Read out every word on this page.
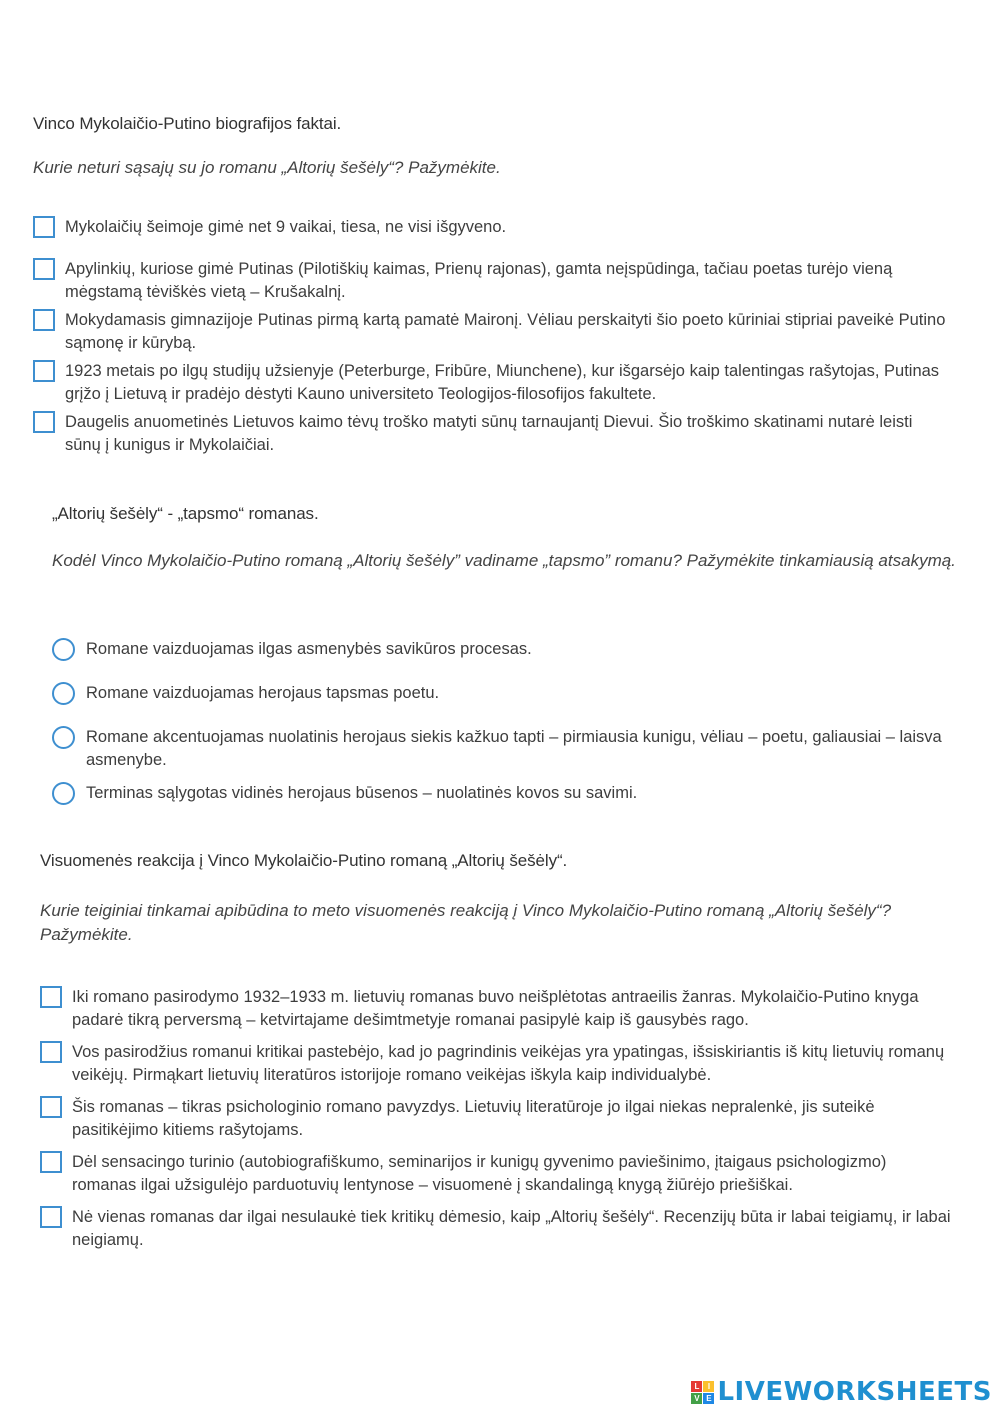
Vinco Mykolaičio-Putino biografijos faktai.
Kurie neturi sąsajų su jo romanu „Altorių šešėly“? Pažymėkite.
Mykolaičių šeimoje gimė net 9 vaikai, tiesa, ne visi išgyveno.
Apylinkių, kuriose gimė Putinas (Pilotiškių kaimas, Prienų rajonas), gamta neįspūdinga, tačiau poetas turėjo vieną mėgstamą tėviškės vietą – Krušakalnį.
Mokydamasis gimnazijoje Putinas pirmą kartą pamatė Maironį. Vėliau perskaityti šio poeto kūriniai stipriai paveikė Putino sąmonę ir kūrybą.
1923 metais po ilgų studijų užsienyje (Peterburge, Fribūre, Miunchene), kur išgarsėjo kaip talentingas rašytojas, Putinas grįžo į Lietuvą ir pradėjo dėstyti Kauno universiteto Teologijos-filosofijos fakultete.
Daugelis anuometinės Lietuvos kaimo tėvų troško matyti sūnų tarnaujantį Dievui. Šio troškimo skatinami nutarė leisti sūnų į kunigus ir Mykolaičiai.
„Altorių šešėly“ - „tapsmo“ romanas.
Kodėl Vinco Mykolaičio-Putino romaną „Altorių šešėly” vadiname „tapsmo” romanu? Pažymėkite tinkamiausią atsakymą.
Romane vaizduojamas ilgas asmenybės savikūros procesas.
Romane vaizduojamas herojaus tapsmas poetu.
Romane akcentuojamas nuolatinis herojaus siekis kažkuo tapti – pirmiausia kunigu, vėliau – poetu, galiausiai – laisva asmenybe.
Terminas sąlygotas vidinės herojaus būsenos – nuolatinės kovos su savimi.
Visuomenės reakcija į Vinco Mykolaičio-Putino romaną „Altorių šešėly“.
Kurie teiginiai tinkamai apibūdina to meto visuomenės reakciją į Vinco Mykolaičio-Putino romaną „Altorių šešėly“? Pažymėkite.
Iki romano pasirodymo 1932–1933 m. lietuvių romanas buvo neišplėtotas antraeilis žanras. Mykolaičio-Putino knyga padarė tikrą perversmą – ketvirtajame dešimtmetyje romanai pasipylė kaip iš gausybės rago.
Vos pasirodžius romanui kritikai pastebėjo, kad jo pagrindinis veikėjas yra ypatingas, išsiskiriantis iš kitų lietuvių romanų veikėjų. Pirmąkart lietuvių literatūros istorijoje romano veikėjas iškyla kaip individualybė.
Šis romanas – tikras psichologinio romano pavyzdys. Lietuvių literatūroje jo ilgai niekas nepralenkė, jis suteikė pasitikėjimo kitiems rašytojams.
Dėl sensacingo turinio (autobiografiškumo, seminarijos ir kunigų gyvenimo paviešinimo, įtaigaus psichologizmo) romanas ilgai užsigulėjo parduotuvių lentynose – visuomenė į skandalingą knygą žiūrėjo priešiškai.
Nė vienas romanas dar ilgai nesulaukė tiek kritikų dėmesio, kaip „Altorių šešėly“. Recenzijų būta ir labai teigiamų, ir labai neigiamų.
L	I
V E LIVEWORKSHEETS
